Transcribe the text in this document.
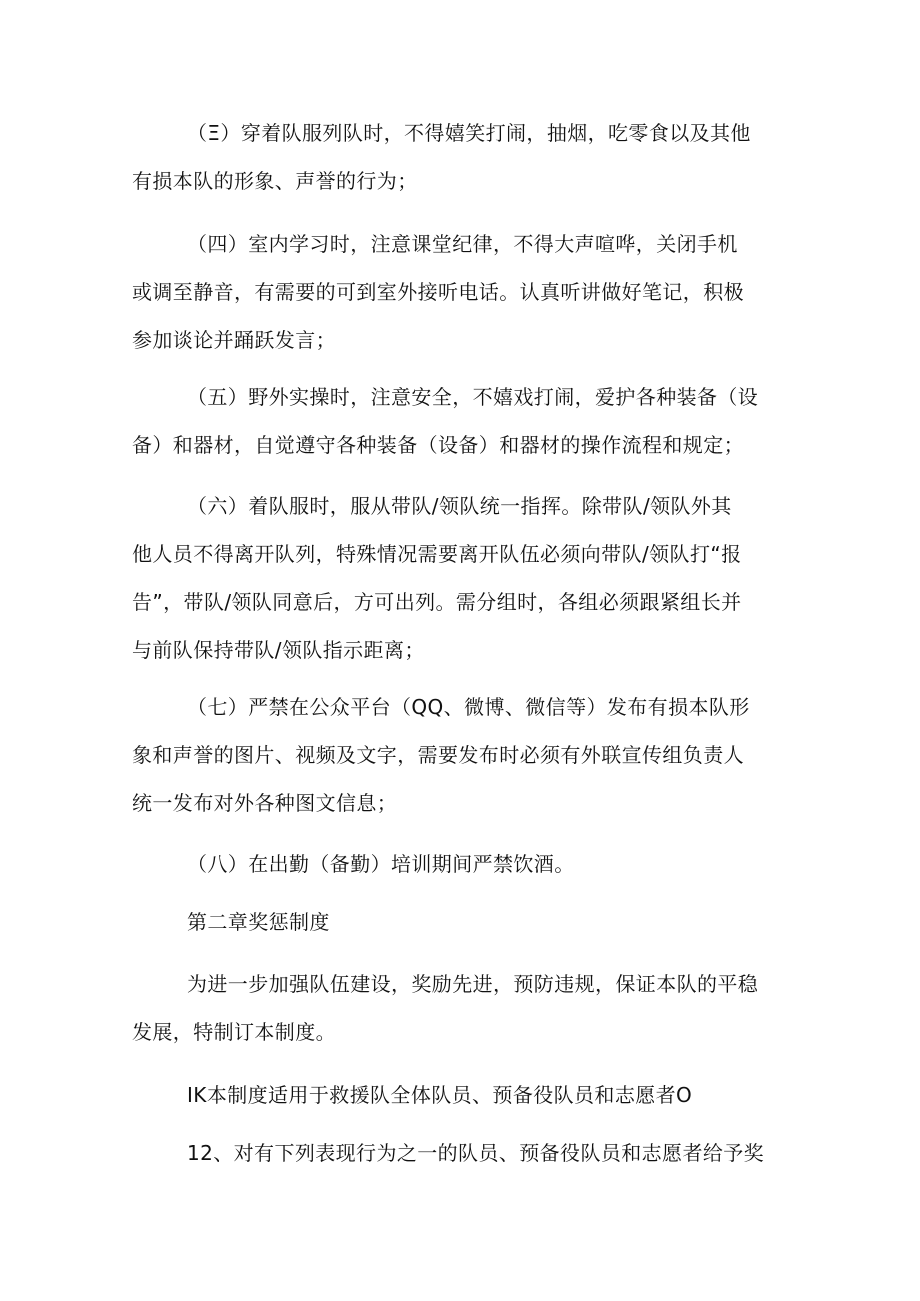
（Ξ）穿着队服列队时，不得嬉笑打闹，抽烟，吃零食以及其他
有损本队的形象、声誉的行为；
（四）室内学习时，注意课堂纪律，不得大声喧哗，关闭手机
或调至静音，有需要的可到室外接听电话。认真听讲做好笔记，积极
参加谈论并踊跃发言；
（五）野外实操时，注意安全，不嬉戏打闹，爱护各种装备（设
备）和器材，自觉遵守各种装备（设备）和器材的操作流程和规定；
（六）着队服时，服从带队/领队统一指挥。除带队/领队外其
他人员不得离开队列，特殊情况需要离开队伍必须向带队/领队打“报
告”，带队/领队同意后，方可出列。需分组时，各组必须跟紧组长并
与前队保持带队/领队指示距离；
（七）严禁在公众平台（QQ、微博、微信等）发布有损本队形
象和声誉的图片、视频及文字，需要发布时必须有外联宣传组负责人
统一发布对外各种图文信息；
（八）在出勤（备勤）培训期间严禁饮酒。
第二章奖惩制度
为进一步加强队伍建设，奖励先进，预防违规，保证本队的平稳
发展，特制订本制度。
IK本制度适用于救援队全体队员、预备役队员和志愿者O
12、对有下列表现行为之一的队员、预备役队员和志愿者给予奖
